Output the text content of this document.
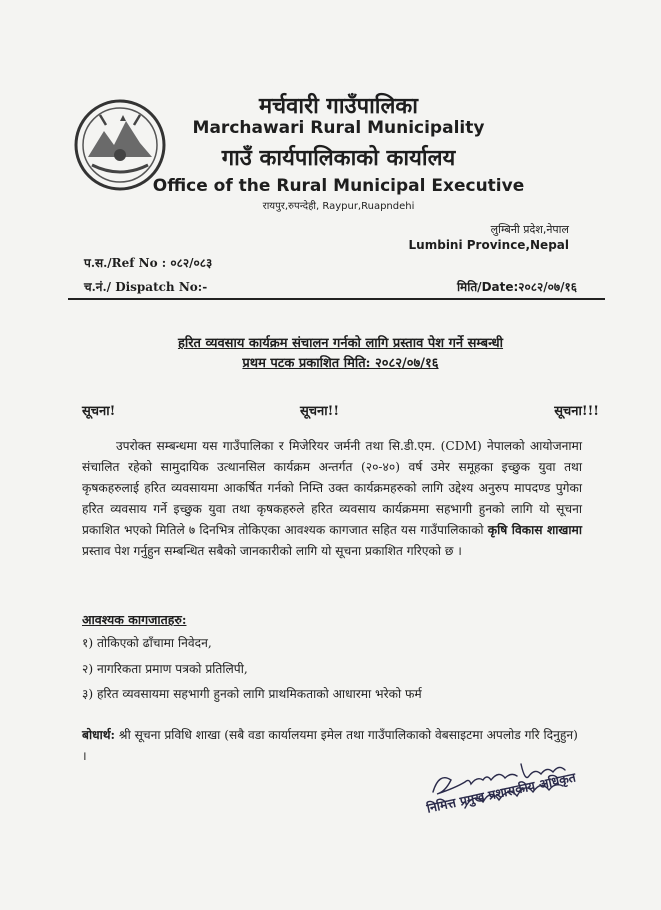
मर्चवारी गाउँपालिका
Marchawari Rural Municipality
गाउँ कार्यपालिकाको कार्यालय
Office of the Rural Municipal Executive
रायपुर,रुपन्देही, Raypur,Ruapndehi
लुम्बिनी प्रदेश,नेपाल
Lumbini Province,Nepal
प.स./Ref No : ०८२/०८३
च.नं./ Dispatch No:-	मिति/Date:२०८२/०७/१६
हरित व्यवसाय कार्यक्रम संचालन गर्नको लागि प्रस्ताव पेश गर्ने सम्बन्धी
प्रथम पटक प्रकाशित मिति: २०८२/०७/१६
सूचना!	सूचना!!	सूचना!!!

उपरोक्त सम्बन्धमा यस गाउँपालिका र मिजेरियर जर्मनी तथा सि.डी.एम. (CDM) नेपालको आयोजनामा संचालित रहेको सामुदायिक उत्थानसिल कार्यक्रम अन्तर्गत (२०-४०) वर्ष उमेर समूहका इच्छुक युवा तथा कृषकहरुलाई हरित व्यवसायमा आकर्षित गर्नको निम्ति उक्त कार्यक्रमहरुको लागि उद्देश्य अनुरुप मापदण्ड पुगेका हरित व्यवसाय गर्ने इच्छुक युवा तथा कृषकहरुले हरित व्यवसाय कार्यक्रममा सहभागी हुनको लागि यो सूचना प्रकाशित भएको मितिले ७ दिनभित्र तोकिएका आवश्यक कागजात सहित यस गाउँपालिकाको कृषि विकास शाखामा प्रस्ताव पेश गर्नुहुन सम्बन्धित सबैको जानकारीको लागि यो सूचना प्रकाशित गरिएको छ ।

आवश्यक कागजातहरु:
१) तोकिएको ढाँचामा निवेदन,
२) नागरिकता प्रमाण पत्रको प्रतिलिपी,
३) हरित व्यवसायमा सहभागी हुनको लागि प्राथमिकताको आधारमा भरेको फर्म
बोधार्थ: श्री सूचना प्रविधि शाखा (सबै वडा कार्यालयमा इमेल तथा गाउँपालिकाको वेबसाइटमा अपलोड गरि दिनुहुन) ।
निमित्त प्रमुख प्रशासकीय अधिकृत
